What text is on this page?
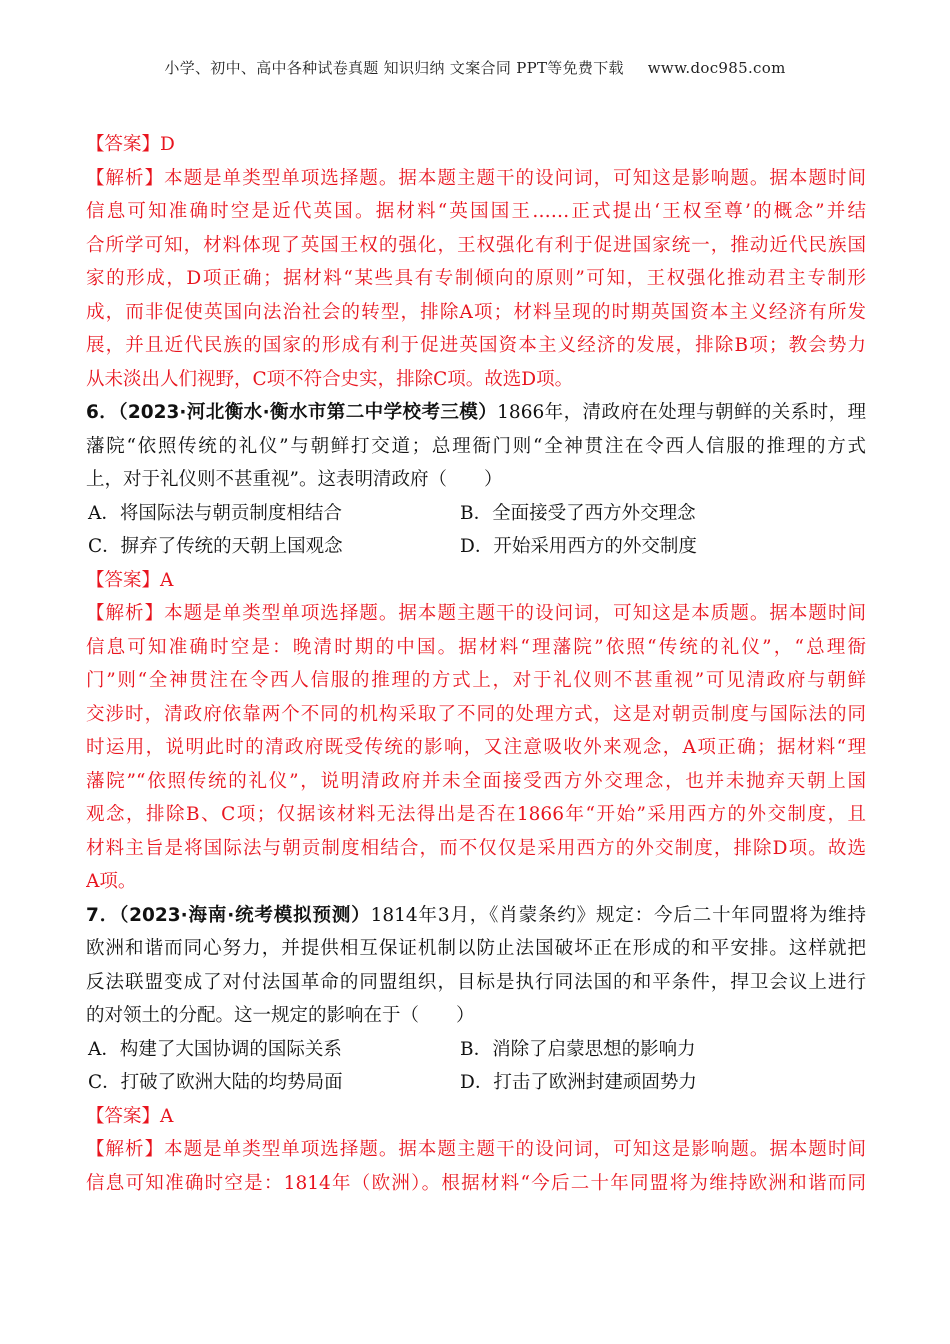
小学、初中、高中各种试卷真题 知识归纳 文案合同 PPT等免费下载 www.doc985.com
【答案】D
【解析】本题是单类型单项选择题。据本题主题干的设问词，可知这是影响题。据本题时间
信息可知准确时空是近代英国。据材料“英国国王……正式提出‘王权至尊’的概念”并结
合所学可知，材料体现了英国王权的强化，王权强化有利于促进国家统一，推动近代民族国
家的形成，D项正确；据材料“某些具有专制倾向的原则”可知，王权强化推动君主专制形
成，而非促使英国向法治社会的转型，排除A项；材料呈现的时期英国资本主义经济有所发
展，并且近代民族的国家的形成有利于促进英国资本主义经济的发展，排除B项；教会势力
从未淡出人们视野，C项不符合史实，排除C项。故选D项。
6．（2023·河北衡水·衡水市第二中学校考三模）1866年，清政府在处理与朝鲜的关系时，理
藩院“依照传统的礼仪”与朝鲜打交道；总理衙门则“全神贯注在令西人信服的推理的方式
上，对于礼仪则不甚重视”。这表明清政府（　　）
A．将国际法与朝贡制度相结合	B．全面接受了西方外交理念
C．摒弃了传统的天朝上国观念	D．开始采用西方的外交制度
【答案】A
【解析】本题是单类型单项选择题。据本题主题干的设问词，可知这是本质题。据本题时间
信息可知准确时空是：晚清时期的中国。据材料“理藩院”依照“传统的礼仪”，“总理衙
门”则“全神贯注在令西人信服的推理的方式上，对于礼仪则不甚重视”可见清政府与朝鲜
交涉时，清政府依靠两个不同的机构采取了不同的处理方式，这是对朝贡制度与国际法的同
时运用，说明此时的清政府既受传统的影响，又注意吸收外来观念，A项正确；据材料“理
藩院”“依照传统的礼仪”，说明清政府并未全面接受西方外交理念，也并未抛弃天朝上国
观念，排除B、C项；仅据该材料无法得出是否在1866年“开始”采用西方的外交制度，且
材料主旨是将国际法与朝贡制度相结合，而不仅仅是采用西方的外交制度，排除D项。故选
A项。
7．（2023·海南·统考模拟预测）1814年3月，《肖蒙条约》规定：今后二十年同盟将为维持
欧洲和谐而同心努力，并提供相互保证机制以防止法国破坏正在形成的和平安排。这样就把
反法联盟变成了对付法国革命的同盟组织，目标是执行同法国的和平条件，捍卫会议上进行
的对领土的分配。这一规定的影响在于（　　）
A．构建了大国协调的国际关系	B．消除了启蒙思想的影响力
C．打破了欧洲大陆的均势局面	D．打击了欧洲封建顽固势力
【答案】A
【解析】本题是单类型单项选择题。据本题主题干的设问词，可知这是影响题。据本题时间
信息可知准确时空是：1814年（欧洲）。根据材料“今后二十年同盟将为维持欧洲和谐而同
